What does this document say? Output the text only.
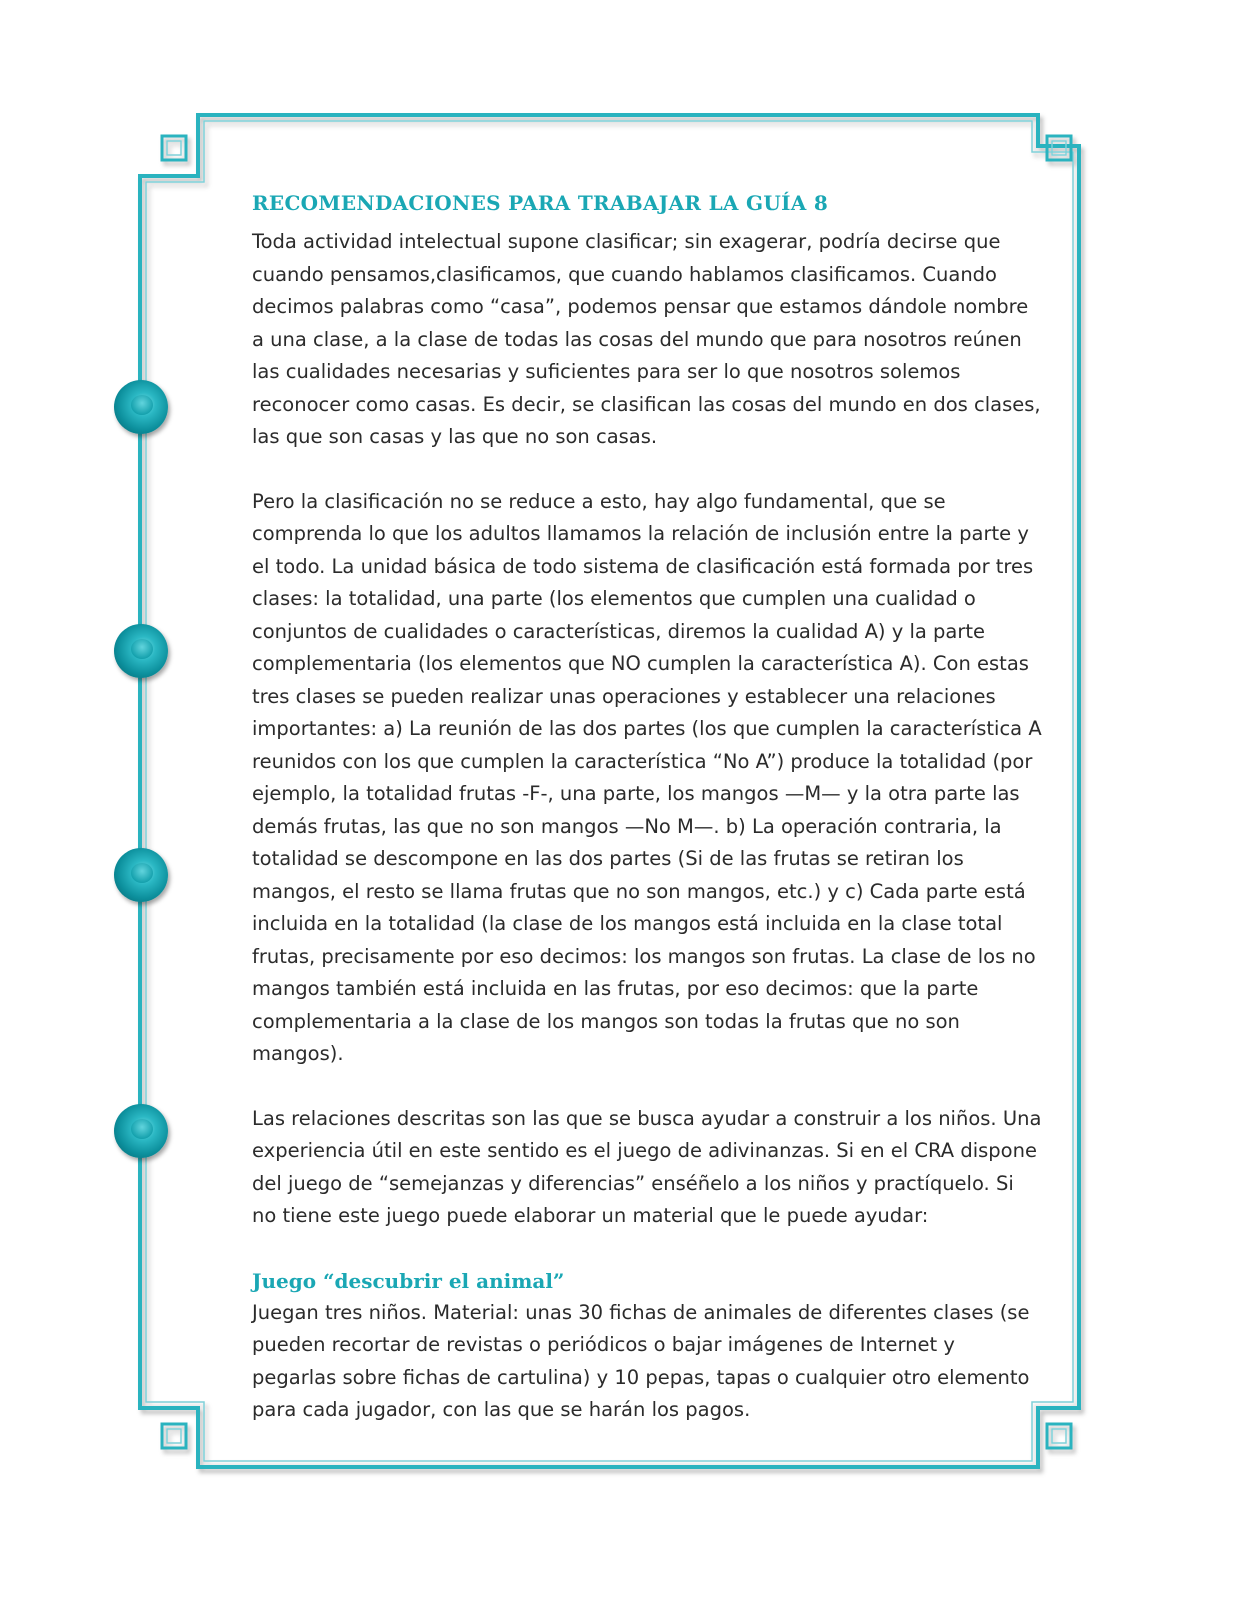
RECOMENDACIONES PARA TRABAJAR LA GUÍA 8

Toda actividad intelectual supone clasificar; sin exagerar, podría decirse que cuando pensamos,clasificamos, que cuando hablamos clasificamos. Cuando decimos palabras como “casa”, podemos pensar que estamos dándole nombre a una clase, a la clase de todas las cosas del mundo que para nosotros reúnen las cualidades necesarias y suficientes para ser lo que nosotros solemos reconocer como casas. Es decir, se clasifican las cosas del mundo en dos clases, las que son casas y las que no son casas.

Pero la clasificación no se reduce a esto, hay algo fundamental, que se comprenda lo que los adultos llamamos la relación de inclusión entre la parte y el todo. La unidad básica de todo sistema de clasificación está formada por tres clases: la totalidad, una parte (los elementos que cumplen una cualidad o conjuntos de cualidades o características, diremos la cualidad A) y la parte complementaria (los elementos que NO cumplen la característica A). Con estas tres clases se pueden realizar unas operaciones y establecer una relaciones importantes: a) La reunión de las dos partes (los que cumplen la característica A reunidos con los que cumplen la característica “No A”) produce la totalidad (por ejemplo, la totalidad frutas -F-, una parte, los mangos —M— y la otra parte las demás frutas, las que no son mangos —No M—. b) La operación contraria, la totalidad se descompone en las dos partes (Si de las frutas se retiran los mangos, el resto se llama frutas que no son mangos, etc.) y c) Cada parte está incluida en la totalidad (la clase de los mangos está incluida en la clase total frutas, precisamente por eso decimos: los mangos son frutas. La clase de los no mangos también está incluida en las frutas, por eso decimos: que la parte complementaria a la clase de los mangos son todas la frutas que no son mangos).

Las relaciones descritas son las que se busca ayudar a construir a los niños. Una experiencia útil en este sentido es el juego de adivinanzas. Si en el CRA dispone del juego de “semejanzas y diferencias” enséñelo a los niños y practíquelo. Si no tiene este juego puede elaborar un material que le puede ayudar:

Juego “descubrir el animal”

Juegan tres niños. Material: unas 30 fichas de animales de diferentes clases (se pueden recortar de revistas o periódicos o bajar imágenes de Internet y pegarlas sobre fichas de cartulina) y 10 pepas, tapas o cualquier otro elemento para cada jugador, con las que se harán los pagos.
